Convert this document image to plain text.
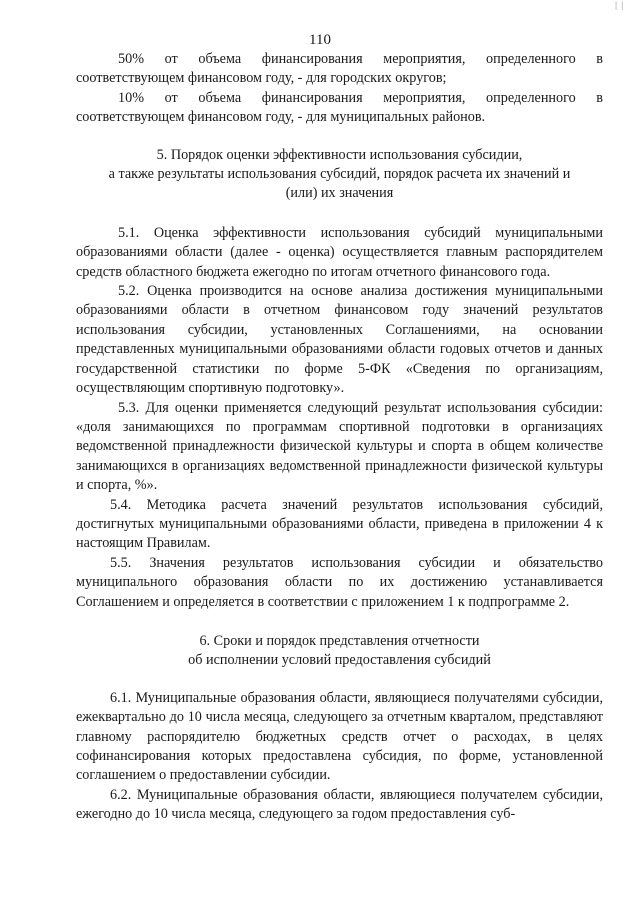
| |
110

50% от объема финансирования мероприятия, определенного в соответствующем финансовом году, - для городских округов;

10% от объема финансирования мероприятия, определенного в соответствующем финансовом году, - для муниципальных районов.

5. Порядок оценки эффективности использования субсидии,

а также результаты использования субсидий, порядок расчета их значений и

(или) их значения

5.1. Оценка эффективности использования субсидий муниципальными образованиями области (далее - оценка) осуществляется главным распорядителем средств областного бюджета ежегодно по итогам отчетного финансового года.

5.2. Оценка производится на основе анализа достижения муниципальными образованиями области в отчетном финансовом году значений результатов использования субсидии, установленных Соглашениями, на основании представленных муниципальными образованиями области годовых отчетов и данных государственной статистики по форме 5-ФК «Сведения по организациям, осуществляющим спортивную подготовку».

5.3. Для оценки применяется следующий результат использования субсидии: «доля занимающихся по программам спортивной подготовки в организациях ведомственной принадлежности физической культуры и спорта в общем количестве занимающихся в организациях ведомственной принадлежности физической культуры и спорта, %».

5.4. Методика расчета значений результатов использования субсидий, достигнутых муниципальными образованиями области, приведена в приложении 4 к настоящим Правилам.

5.5. Значения результатов использования субсидии и обязательство муниципального образования области по их достижению устанавливается Соглашением и определяется в соответствии с приложением 1 к подпрограмме 2.

6. Сроки и порядок представления отчетности

об исполнении условий предоставления субсидий

6.1. Муниципальные образования области, являющиеся получателями субсидии, ежеквартально до 10 числа месяца, следующего за отчетным кварталом, представляют главному распорядителю бюджетных средств отчет о расходах, в целях софинансирования которых предоставлена субсидия, по форме, установленной соглашением о предоставлении субсидии.

6.2. Муниципальные образования области, являющиеся получателем субсидии, ежегодно до 10 числа месяца, следующего за годом предоставления суб-
